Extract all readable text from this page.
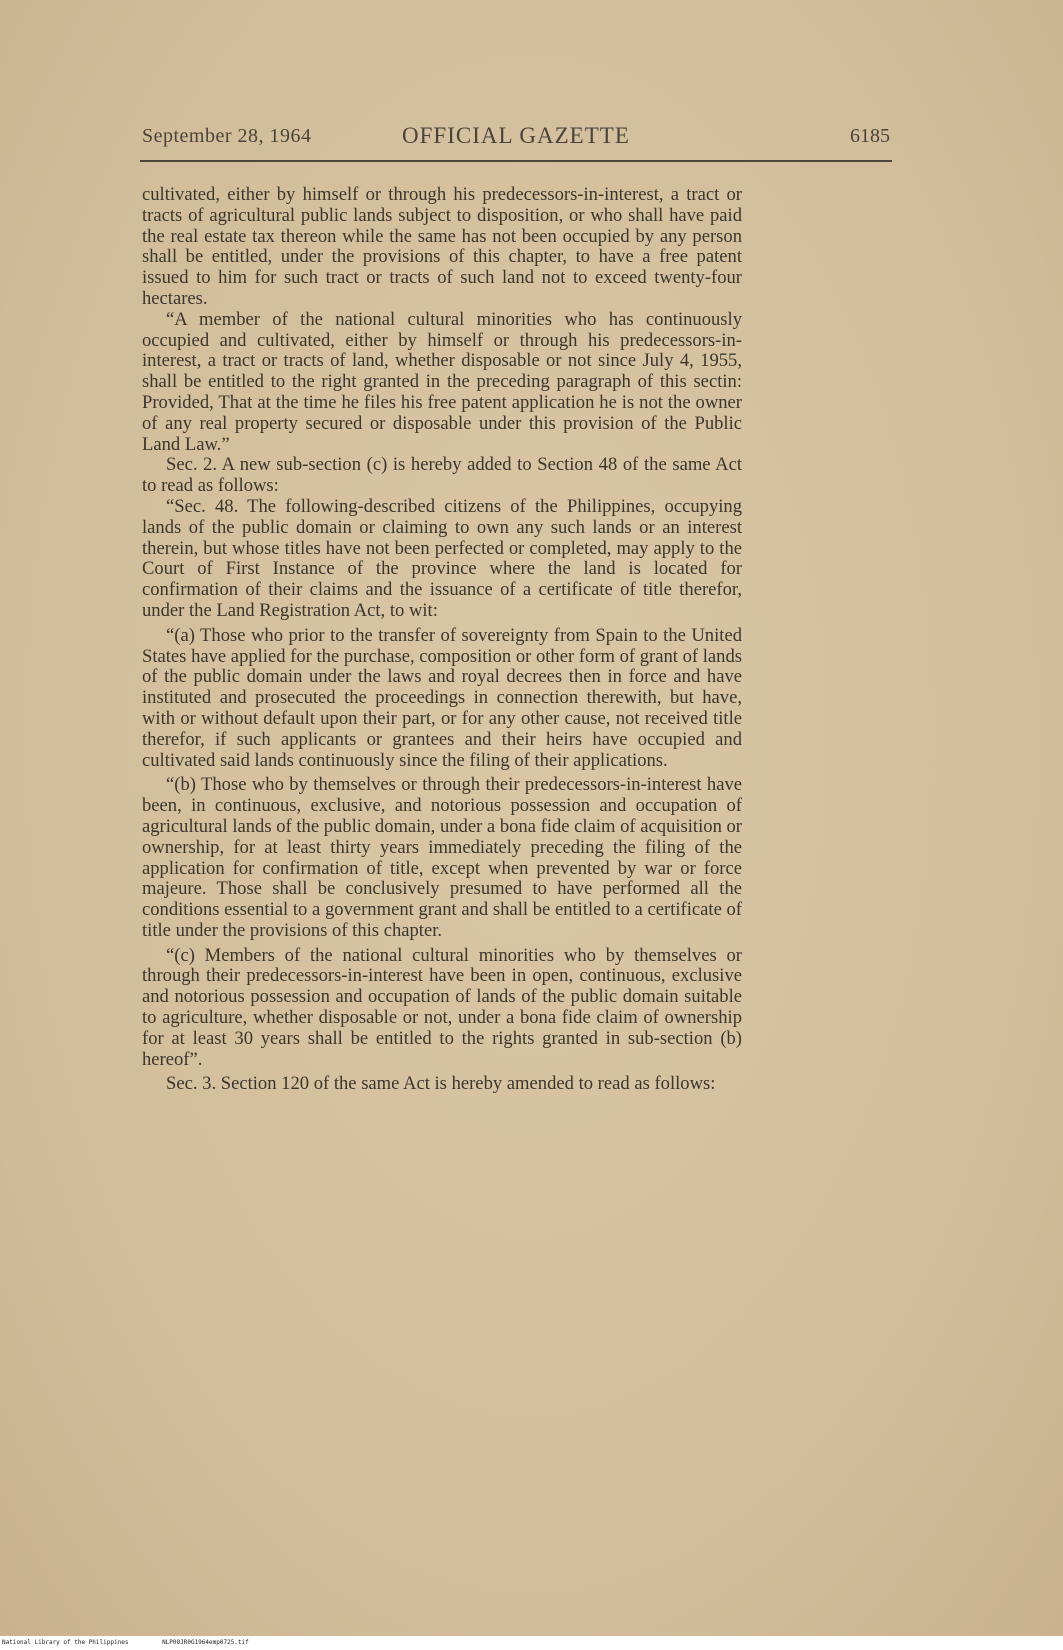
September 28, 1964	OFFICIAL GAZETTE	6185

cultivated, either by himself or through his predecessors-in-interest, a tract or tracts of agricultural public lands subject to disposition, or who shall have paid the real estate tax thereon while the same has not been occupied by any person shall be entitled, under the provisions of this chapter, to have a free patent issued to him for such tract or tracts of such land not to exceed twenty-four hectares.

“A member of the national cultural minorities who has continuously occupied and cultivated, either by himself or through his predecessors-in-interest, a tract or tracts of land, whether disposable or not since July 4, 1955, shall be entitled to the right granted in the preceding paragraph of this sectin: Provided, That at the time he files his free patent application he is not the owner of any real property secured or disposable under this provision of the Public Land Law.”

Sec. 2. A new sub-section (c) is hereby added to Section 48 of the same Act to read as follows:

“Sec. 48. The following-described citizens of the Philippines, occupying lands of the public domain or claiming to own any such lands or an interest therein, but whose titles have not been perfected or completed, may apply to the Court of First Instance of the province where the land is located for confirmation of their claims and the issuance of a certificate of title therefor, under the Land Registration Act, to wit:

“(a) Those who prior to the transfer of sovereignty from Spain to the United States have applied for the purchase, composition or other form of grant of lands of the public domain under the laws and royal decrees then in force and have instituted and prosecuted the proceedings in connection therewith, but have, with or without default upon their part, or for any other cause, not received title therefor, if such applicants or grantees and their heirs have occupied and cultivated said lands continuously since the filing of their applications.

“(b) Those who by themselves or through their predecessors-in-interest have been, in continuous, exclusive, and notorious possession and occupation of agricultural lands of the public domain, under a bona fide claim of acquisition or ownership, for at least thirty years immediately preceding the filing of the application for confirmation of title, except when prevented by war or force majeure. Those shall be conclusively presumed to have performed all the conditions essential to a government grant and shall be entitled to a certificate of title under the provisions of this chapter.

“(c) Members of the national cultural minorities who by themselves or through their predecessors-in-interest have been in open, continuous, exclusive and notorious possession and occupation of lands of the public domain suitable to agriculture, whether disposable or not, under a bona fide claim of ownership for at least 30 years shall be entitled to the rights granted in sub-section (b) hereof”.

Sec. 3. Section 120 of the same Act is hereby amended to read as follows:

National Library of the Philippines	NLP00JR0G1964emp0725.tif
